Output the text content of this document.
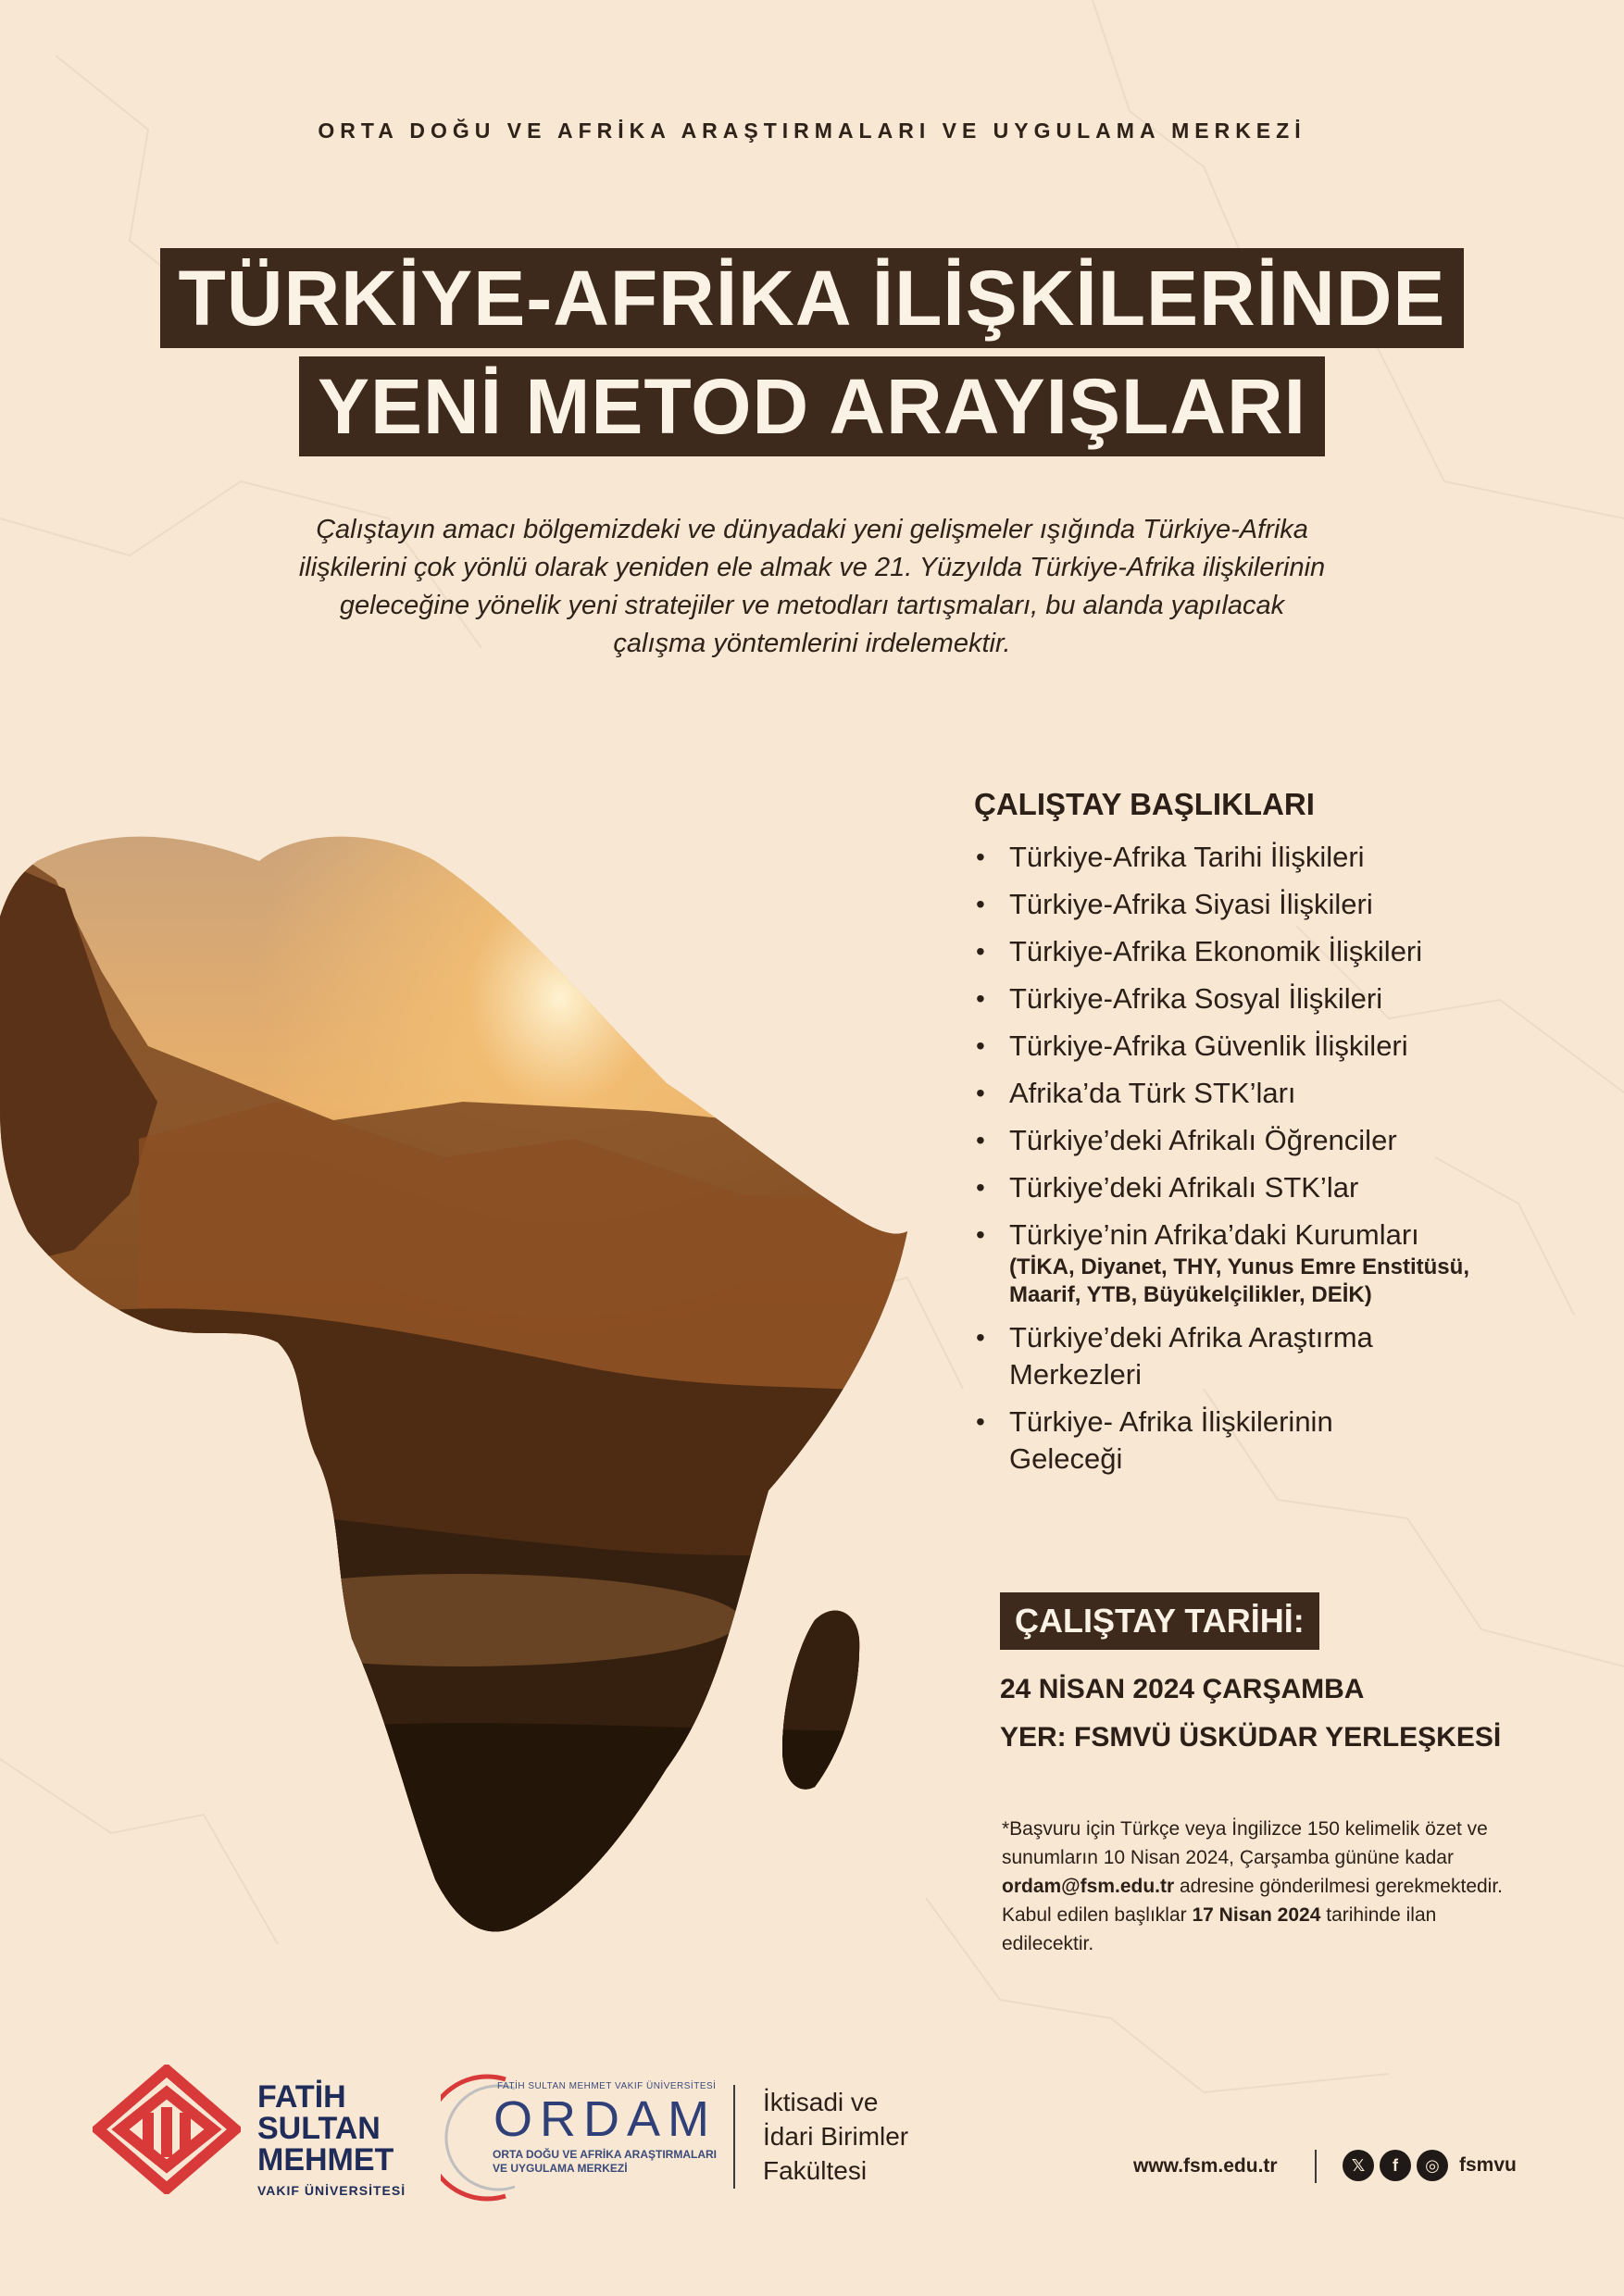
ORTA DOĞU VE AFRİKA ARAŞTIRMALARI VE UYGULAMA MERKEZİ
TÜRKİYE-AFRİKA İLİŞKİLERİNDE
YENİ METOD ARAYIŞLARI
Çalıştayın amacı bölgemizdeki ve dünyadaki yeni gelişmeler ışığında Türkiye-Afrika
ilişkilerini çok yönlü olarak yeniden ele almak ve 21. Yüzyılda Türkiye-Afrika ilişkilerinin
geleceğine yönelik yeni stratejiler ve metodları tartışmaları, bu alanda yapılacak
çalışma yöntemlerini irdelemektir.
ÇALIŞTAY BAŞLIKLARI
• Türkiye-Afrika Tarihi İlişkileri
• Türkiye-Afrika Siyasi İlişkileri
• Türkiye-Afrika Ekonomik İlişkileri
• Türkiye-Afrika Sosyal İlişkileri
• Türkiye-Afrika Güvenlik İlişkileri
• Afrika’da Türk STK’ları
• Türkiye’deki Afrikalı Öğrenciler
• Türkiye’deki Afrikalı STK’lar
• Türkiye’nin Afrika’daki Kurumları
(TİKA, Diyanet, THY, Yunus Emre Enstitüsü,
Maarif, YTB, Büyükelçilikler, DEİK)
• Türkiye’deki Afrika Araştırma
Merkezleri
• Türkiye- Afrika İlişkilerinin
Geleceği
ÇALIŞTAY TARİHİ:
24 NİSAN 2024 ÇARŞAMBA
YER: FSMVÜ ÜSKÜDAR YERLEŞKESİ
*Başvuru için Türkçe veya İngilizce 150 kelimelik özet ve sunumların 10 Nisan 2024, Çarşamba gününe kadar ordam@fsm.edu.tr adresine gönderilmesi gerekmektedir. Kabul edilen başlıklar 17 Nisan 2024 tarihinde ilan edilecektir.
FATİH
SULTAN
MEHMET
VAKIF ÜNİVERSİTESİ
FATİH SULTAN MEHMET VAKIF ÜNİVERSİTESİ
ORDAM
ORTA DOĞU VE AFRİKA ARAŞTIRMALARI
VE UYGULAMA MERKEZİ
İktisadi ve
İdari Birimler
Fakültesi	www.fsm.edu.tr	𝕏	f	◎	fsmvu
